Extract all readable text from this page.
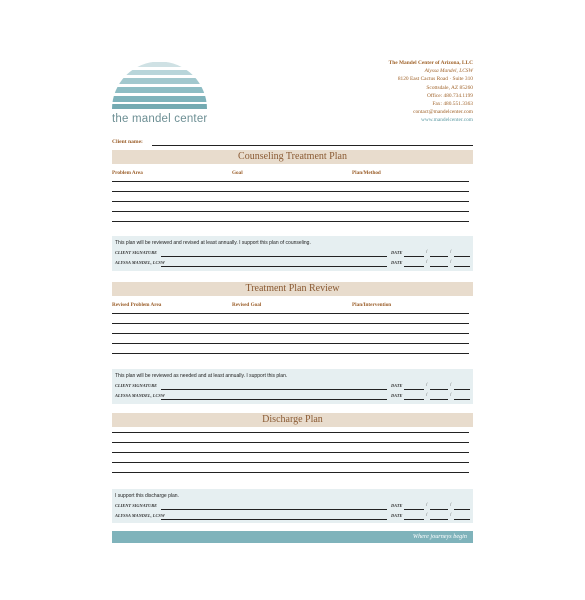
the mandel center
The Mandel Center of Arizona, LLC
Alyssa Mandel, LCSW
8120 East Cactus Road · Suite 310
Scottsdale, AZ 85260
Office: 480.734.1199
Fax: 480.551.3363
contact@mandelcenter.com
www.mandelcenter.com
Client name:
Counseling Treatment Plan
Problem Area	Goal	Plan/Method
This plan will be reviewed and revised at least annually. I support this plan of counseling.
CLIENT SIGNATURE	DATE	/	/
ALYSSA MANDEL, LCSW	DATE	/	/
Treatment Plan Review
Revised Problem Area	Revised Goal	Plan/Intervention
This plan will be reviewed as needed and at least annually. I support this plan.
CLIENT SIGNATURE	DATE	/	/
ALYSSA MANDEL, LCSW	DATE	/	/
Discharge Plan
I support this discharge plan.
CLIENT SIGNATURE	DATE	/	/
ALYSSA MANDEL, LCSW	DATE	/	/
Where journeys begin
